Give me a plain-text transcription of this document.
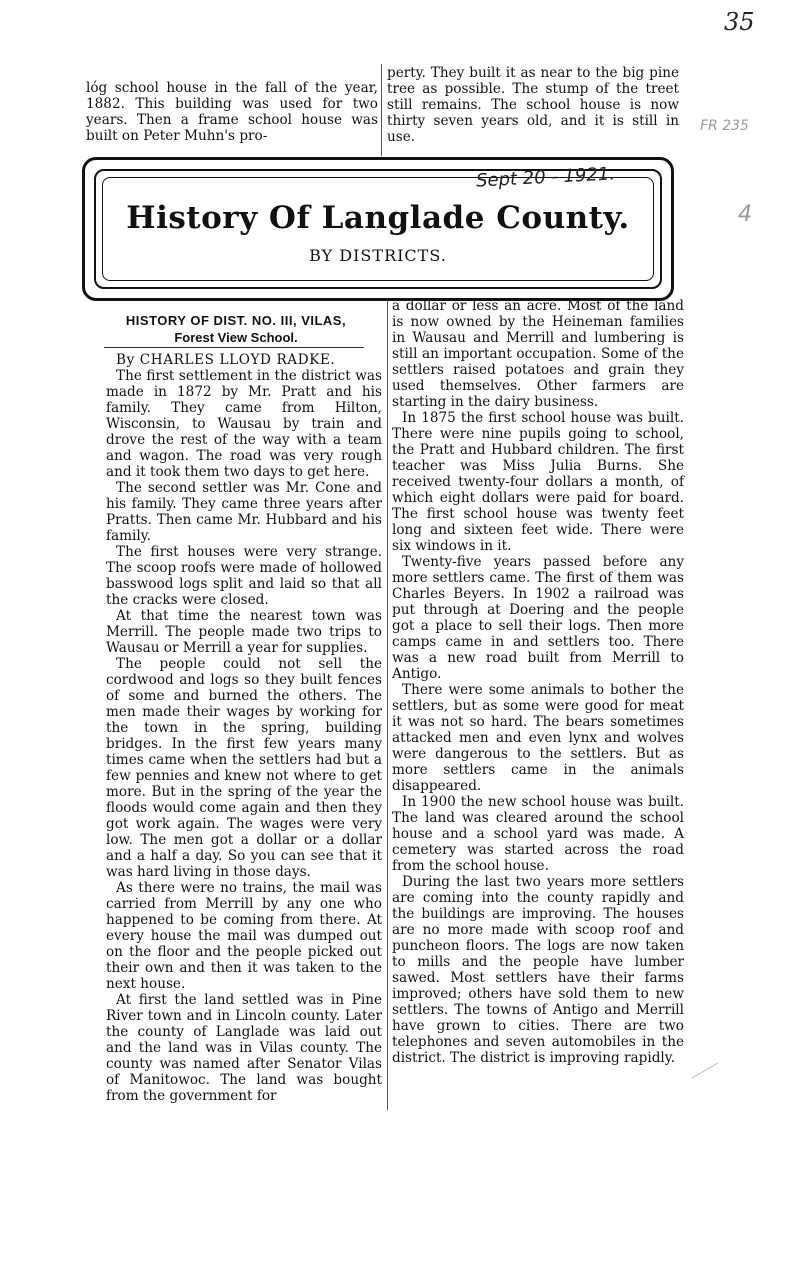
35
FR 235
4

lóg school house in the fall of the year, 1882. This building was used for two years. Then a frame school house was built on Peter Muhn's pro-

perty. They built it as near to the big pine tree as possible. The stump of the treet still remains. The school house is now thirty seven years old, and it is still in use.

History Of Langlade County.
BY DISTRICTS.
Sept 20 - 1921.
HISTORY OF DIST. NO. III, VILAS,
Forest View School.

By CHARLES LLOYD RADKE.

The first settlement in the district was made in 1872 by Mr. Pratt and his family. They came from Hilton, Wisconsin, to Wausau by train and drove the rest of the way with a team and wagon. The road was very rough and it took them two days to get here.

The second settler was Mr. Cone and his family. They came three years after Pratts. Then came Mr. Hubbard and his family.

The first houses were very strange. The scoop roofs were made of hollowed basswood logs split and laid so that all the cracks were closed.

At that time the nearest town was Merrill. The people made two trips to Wausau or Merrill a year for supplies.

The people could not sell the cordwood and logs so they built fences of some and burned the others. The men made their wages by working for the town in the spring, building bridges. In the first few years many times came when the settlers had but a few pennies and knew not where to get more. But in the spring of the year the floods would come again and then they got work again. The wages were very low. The men got a dollar or a dollar and a half a day. So you can see that it was hard living in those days.

As there were no trains, the mail was carried from Merrill by any one who happened to be coming from there. At every house the mail was dumped out on the floor and the people picked out their own and then it was taken to the next house.

At first the land settled was in Pine River town and in Lincoln county. Later the county of Langlade was laid out and the land was in Vilas county. The county was named after Senator Vilas of Manitowoc. The land was bought from the government for

a dollar or less an acre. Most of the land is now owned by the Heineman families in Wausau and Merrill and lumbering is still an important occupation. Some of the settlers raised potatoes and grain they used themselves. Other farmers are starting in the dairy business.

In 1875 the first school house was built. There were nine pupils going to school, the Pratt and Hubbard children. The first teacher was Miss Julia Burns. She received twenty-four dollars a month, of which eight dollars were paid for board. The first school house was twenty feet long and sixteen feet wide. There were six windows in it.

Twenty-five years passed before any more settlers came. The first of them was Charles Beyers. In 1902 a railroad was put through at Doering and the people got a place to sell their logs. Then more camps came in and settlers too. There was a new road built from Merrill to Antigo.

There were some animals to bother the settlers, but as some were good for meat it was not so hard. The bears sometimes attacked men and even lynx and wolves were dangerous to the settlers. But as more settlers came in the animals disappeared.

In 1900 the new school house was built. The land was cleared around the school house and a school yard was made. A cemetery was started across the road from the school house.

During the last two years more settlers are coming into the county rapidly and the buildings are improving. The houses are no more made with scoop roof and puncheon floors. The logs are now taken to mills and the people have lumber sawed. Most settlers have their farms improved; others have sold them to new settlers. The towns of Antigo and Merrill have grown to cities. There are two telephones and seven automobiles in the district. The district is improving rapidly.
